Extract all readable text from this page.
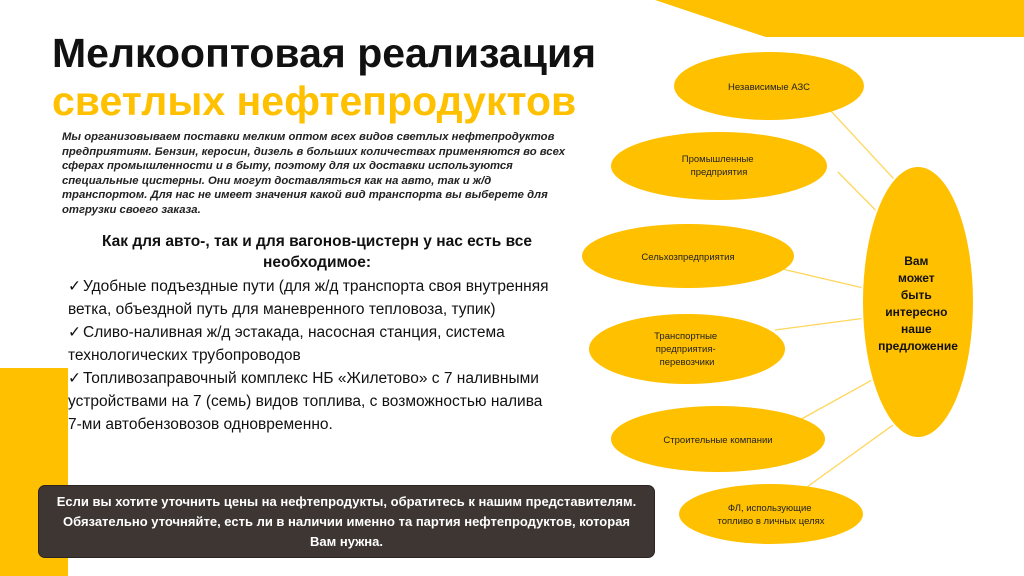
Мелкооптовая реализация
светлых нефтепродуктов

Мы организовываем поставки мелким оптом всех видов светлых нефтепродуктов предприятиям. Бензин, керосин, дизель в больших количествах применяются во всех сферах промышленности и в быту, поэтому для их доставки используются специальные цистерны. Они могут доставляться как на авто, так и ж/д транспортом. Для нас не имеет значения какой вид транспорта вы выберете для отгрузки своего заказа.

Как для авто-, так и для вагонов-цистерн у нас есть все необходимое:

✓ Удобные подъездные пути (для ж/д транспорта своя внутренняя ветка, объездной путь для маневренного тепловоза, тупик)
✓ Сливо-наливная ж/д эстакада, насосная станция, система технологических трубопроводов
✓ Топливозаправочный комплекс НБ «Жилетово» с 7 наливными устройствами на 7 (семь) видов топлива, с возможностью налива 7-ми автобензовозов одновременно.

Если вы хотите уточнить цены на нефтепродукты, обратитесь к нашим представителям. Обязательно уточняйте, есть ли в наличии именно та партия нефтепродуктов, которая Вам нужна.

Независимые АЗС
Промышленные предприятия
Сельхозпредприятия
Транспортные предприятия- перевозчики
Строительные компании
ФЛ, использующие топливо в личных целях
Вам может быть интересно наше предложение
